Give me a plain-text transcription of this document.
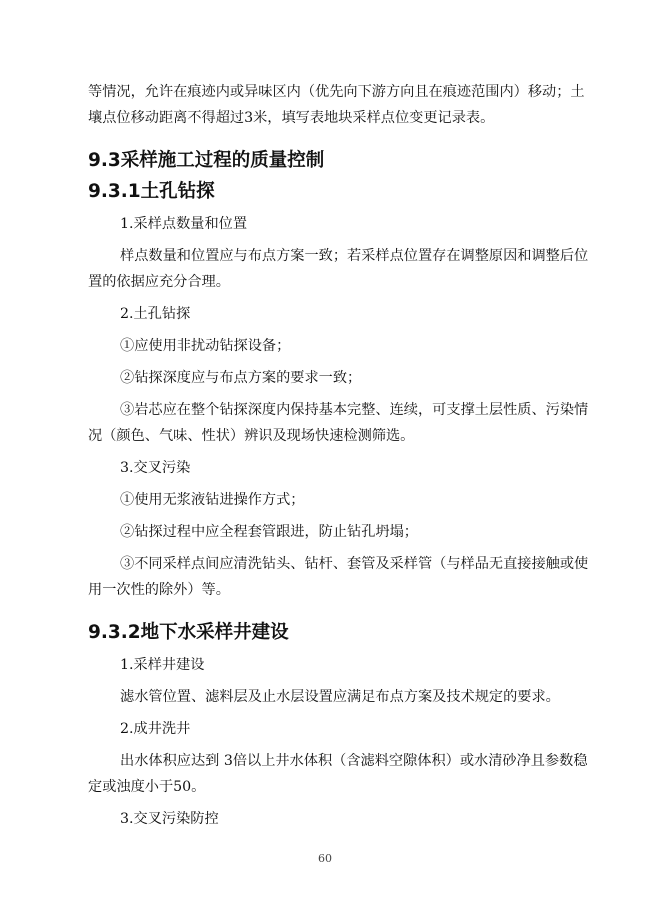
等情况，允许在痕迹内或异味区内（优先向下游方向且在痕迹范围内）移动；土
壤点位移动距离不得超过3米，填写表地块采样点位变更记录表。
9.3采样施工过程的质量控制
9.3.1土孔钻探
1.采样点数量和位置
样点数量和位置应与布点方案一致；若采样点位置存在调整原因和调整后位
置的依据应充分合理。
2.土孔钻探
①应使用非扰动钻探设备；
②钻探深度应与布点方案的要求一致；
③岩芯应在整个钻探深度内保持基本完整、连续，可支撑土层性质、污染情
况（颜色、气味、性状）辨识及现场快速检测筛选。
3.交叉污染
①使用无浆液钻进操作方式；
②钻探过程中应全程套管跟进，防止钻孔坍塌；
③不同采样点间应清洗钻头、钻杆、套管及采样管（与样品无直接接触或使
用一次性的除外）等。
9.3.2地下水采样井建设
1.采样井建设
滤水管位置、滤料层及止水层设置应满足布点方案及技术规定的要求。
2.成井洗井
出水体积应达到 3倍以上井水体积（含滤料空隙体积）或水清砂净且参数稳
定或浊度小于50。
3.交叉污染防控
60
